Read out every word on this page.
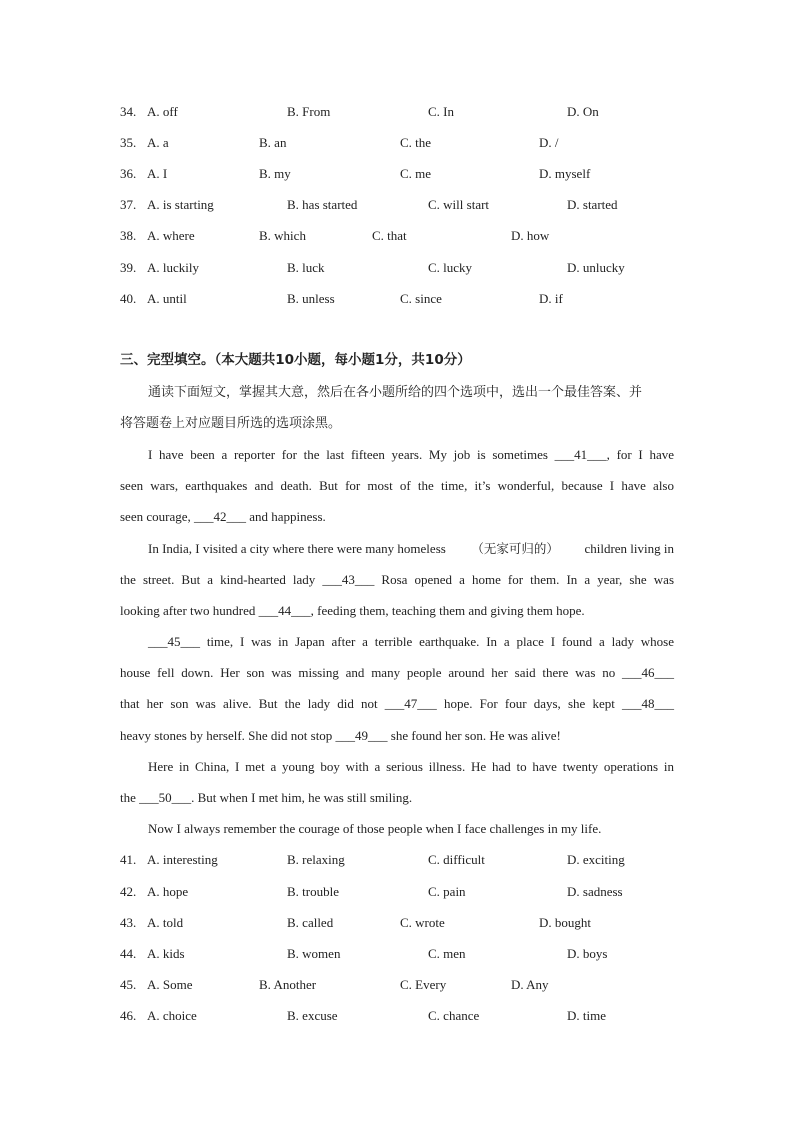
34. A. off	B. From	C. In	D. On
35. A. a	B. an	C. the	D. /
36. A. I	B. my	C. me	D. myself
37. A. is starting	B. has started	C. will start	D. started
38. A. where	B. which	C. that	D. how
39. A. luckily	B. luck	C. lucky	D. unlucky
40. A. until	B. unless	C. since	D. if
三、完型填空。（本大题共10小题，每小题1分，共10分）
通读下面短文，掌握其大意，然后在各小题所给的四个选项中，选出一个最佳答案、并
将答题卷上对应题目所选的选项涂黑。
I have been a reporter for the last fifteen years. My job is sometimes ___41___, for I have
seen wars, earthquakes and death. But for most of the time, it’s wonderful, because I have also
seen courage, ___42___ and happiness.
In India, I visited a city where there were many homeless （无家可归的） children living in
the street. But a kind-hearted lady ___43___ Rosa opened a home for them. In a year, she was
looking after two hundred ___44___, feeding them, teaching them and giving them hope.
___45___ time, I was in Japan after a terrible earthquake. In a place I found a lady whose
house fell down. Her son was missing and many people around her said there was no ___46___
that her son was alive. But the lady did not ___47___ hope. For four days, she kept ___48___
heavy stones by herself. She did not stop ___49___ she found her son. He was alive!
Here in China, I met a young boy with a serious illness. He had to have twenty operations in
the ___50___. But when I met him, he was still smiling.
Now I always remember the courage of those people when I face challenges in my life.
41. A. interesting	B. relaxing	C. difficult	D. exciting
42. A. hope	B. trouble	C. pain	D. sadness
43. A. told	B. called	C. wrote	D. bought
44. A. kids	B. women	C. men	D. boys
45. A. Some	B. Another	C. Every	D. Any
46. A. choice	B. excuse	C. chance	D. time
